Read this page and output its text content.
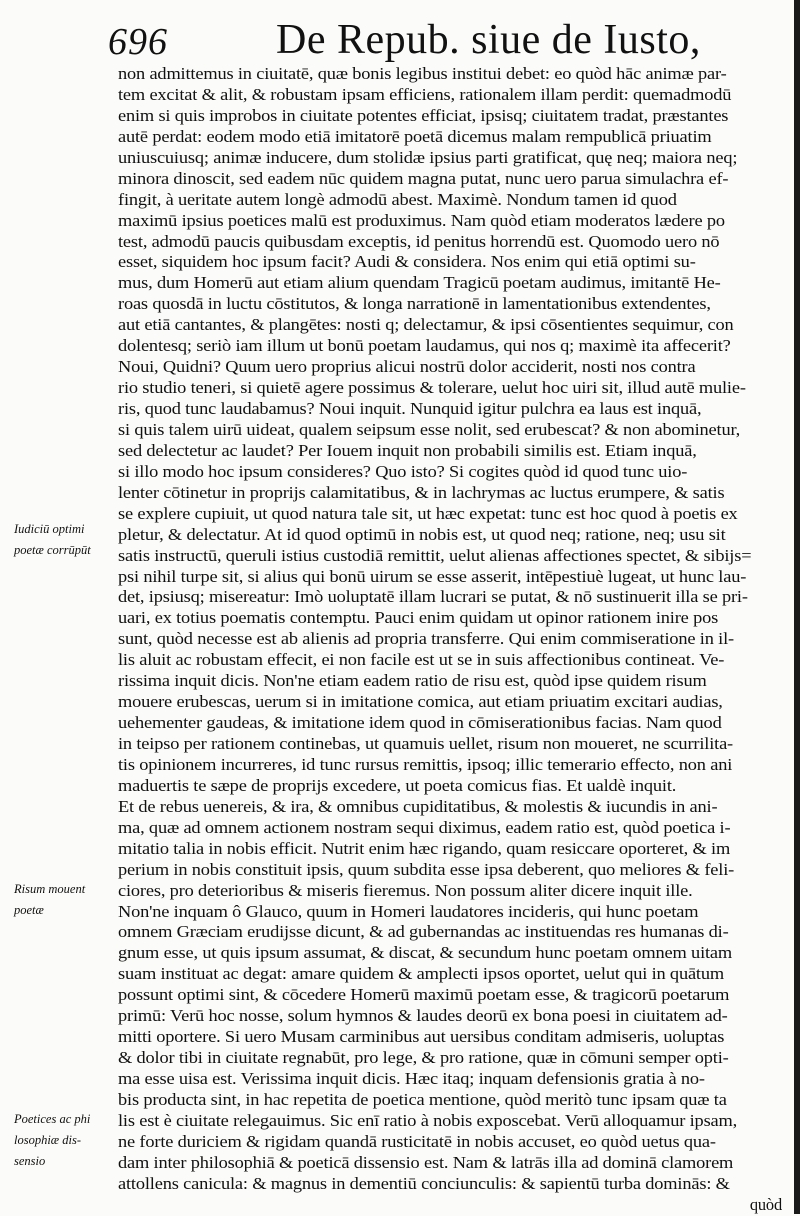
696	De Repub. siue de Iusto,
Iudiciū optimi
poetæ corrūpūt
Risum mouent
poetæ
Poetices ac phi
losophiæ dis-
sensio
non admittemus in ciuitatē, quæ bonis legibus institui debet: eo quòd hāc animæ par-
tem excitat & alit, & robustam ipsam efficiens, rationalem illam perdit: quemadmodū
enim si quis improbos in ciuitate potentes efficiat, ipsisq; ciuitatem tradat, præstantes
autē perdat: eodem modo etiā imitatorē poetā dicemus malam rempublicā priuatim
uniuscuiusq; animæ inducere, dum stolidæ ipsius parti gratificat, quę neq; maiora neq;
minora dinoscit, sed eadem nūc quidem magna putat, nunc uero parua simulachra ef-
fingit, à ueritate autem longè admodū abest. Maximè. Nondum tamen id quod
maximū ipsius poetices malū est produximus. Nam quòd etiam moderatos lædere po
test, admodū paucis quibusdam exceptis, id penitus horrendū est. Quomodo uero nō
esset, siquidem hoc ipsum facit? Audi & considera. Nos enim qui etiā optimi su-
mus, dum Homerū aut etiam alium quendam Tragicū poetam audimus, imitantē He-
roas quosdā in luctu cōstitutos, & longa narrationē in lamentationibus extendentes,
aut etiā cantantes, & plangētes: nosti q; delectamur, & ipsi cōsentientes sequimur, con
dolentesq; seriò iam illum ut bonū poetam laudamus, qui nos q; maximè ita affecerit?
Noui, Quidni? Quum uero proprius alicui nostrū dolor acciderit, nosti nos contra
rio studio teneri, si quietē agere possimus & tolerare, uelut hoc uiri sit, illud autē mulie-
ris, quod tunc laudabamus? Noui inquit. Nunquid igitur pulchra ea laus est inquā,
si quis talem uirū uideat, qualem seipsum esse nolit, sed erubescat? & non abominetur,
sed delectetur ac laudet? Per Iouem inquit non probabili similis est. Etiam inquā,
si illo modo hoc ipsum consideres? Quo isto? Si cogites quòd id quod tunc uio-
lenter cōtinetur in proprijs calamitatibus, & in lachrymas ac luctus erumpere, & satis
se explere cupiuit, ut quod natura tale sit, ut hæc expetat: tunc est hoc quod à poetis ex
pletur, & delectatur. At id quod optimū in nobis est, ut quod neq; ratione, neq; usu sit
satis instructū, queruli istius custodiā remittit, uelut alienas affectiones spectet, & sibijs=
psi nihil turpe sit, si alius qui bonū uirum se esse asserit, intēpestiuè lugeat, ut hunc lau-
det, ipsiusq; misereatur: Imò uoluptatē illam lucrari se putat, & nō sustinuerit illa se pri-
uari, ex totius poematis contemptu. Pauci enim quidam ut opinor rationem inire pos
sunt, quòd necesse est ab alienis ad propria transferre. Qui enim commiseratione in il-
lis aluit ac robustam effecit, ei non facile est ut se in suis affectionibus contineat. Ve-
rissima inquit dicis. Non'ne etiam eadem ratio de risu est, quòd ipse quidem risum
mouere erubescas, uerum si in imitatione comica, aut etiam priuatim excitari audias,
uehementer gaudeas, & imitatione idem quod in cōmiserationibus facias. Nam quod
in teipso per rationem continebas, ut quamuis uellet, risum non moueret, ne scurrilita-
tis opinionem incurreres, id tunc rursus remittis, ipsoq; illic temerario effecto, non ani
maduertis te sæpe de proprijs excedere, ut poeta comicus fias. Et ualdè inquit.
Et de rebus uenereis, & ira, & omnibus cupiditatibus, & molestis & iucundis in ani-
ma, quæ ad omnem actionem nostram sequi diximus, eadem ratio est, quòd poetica i-
mitatio talia in nobis efficit. Nutrit enim hæc rigando, quam resiccare oporteret, & im
perium in nobis constituit ipsis, quum subdita esse ipsa deberent, quo meliores & feli-
ciores, pro deterioribus & miseris fieremus. Non possum aliter dicere inquit ille.
Non'ne inquam ô Glauco, quum in Homeri laudatores incideris, qui hunc poetam
omnem Græciam erudijsse dicunt, & ad gubernandas ac instituendas res humanas di-
gnum esse, ut quis ipsum assumat, & discat, & secundum hunc poetam omnem uitam
suam instituat ac degat: amare quidem & amplecti ipsos oportet, uelut qui in quātum
possunt optimi sint, & cōcedere Homerū maximū poetam esse, & tragicorū poetarum
primū: Verū hoc nosse, solum hymnos & laudes deorū ex bona poesi in ciuitatem ad-
mitti oportere. Si uero Musam carminibus aut uersibus conditam admiseris, uoluptas
& dolor tibi in ciuitate regnabūt, pro lege, & pro ratione, quæ in cōmuni semper opti-
ma esse uisa est. Verissima inquit dicis. Hæc itaq; inquam defensionis gratia à no-
bis producta sint, in hac repetita de poetica mentione, quòd meritò tunc ipsam quæ ta
lis est è ciuitate relegauimus. Sic enī ratio à nobis exposcebat. Verū alloquamur ipsam,
ne forte duriciem & rigidam quandā rusticitatē in nobis accuset, eo quòd uetus qua-
dam inter philosophiā & poeticā dissensio est. Nam & latrās illa ad dominā clamorem
attollens canicula: & magnus in dementiū conciunculis: & sapientū turba dominās: &
quòd
